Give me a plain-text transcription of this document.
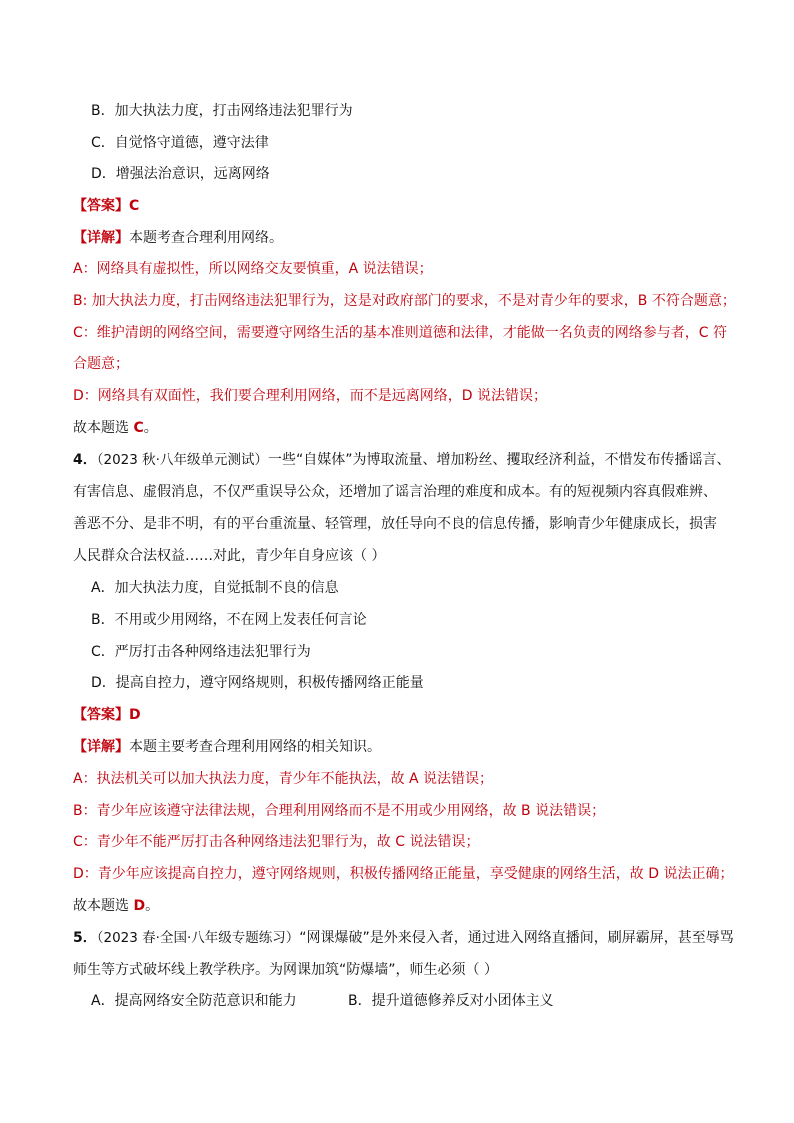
B．加大执法力度，打击网络违法犯罪行为
C．自觉恪守道德，遵守法律
D．增强法治意识，远离网络
【答案】C
【详解】本题考查合理利用网络。
A：网络具有虚拟性，所以网络交友要慎重，A 说法错误；
B: 加大执法力度，打击网络违法犯罪行为，这是对政府部门的要求，不是对青少年的要求，B 不符合题意；
C：维护清朗的网络空间，需要遵守网络生活的基本准则道德和法律，才能做一名负责的网络参与者，C 符
合题意；
D：网络具有双面性，我们要合理利用网络，而不是远离网络，D 说法错误；
故本题选 C。
4．（2023 秋·八年级单元测试）一些“自媒体”为博取流量、增加粉丝、攫取经济利益，不惜发布传播谣言、
有害信息、虚假消息，不仅严重误导公众，还增加了谣言治理的难度和成本。有的短视频内容真假难辨、
善恶不分、是非不明，有的平台重流量、轻管理，放任导向不良的信息传播，影响青少年健康成长，损害
人民群众合法权益……对此，青少年自身应该（ ）
A．加大执法力度，自觉抵制不良的信息
B．不用或少用网络，不在网上发表任何言论
C．严厉打击各种网络违法犯罪行为
D．提高自控力，遵守网络规则，积极传播网络正能量
【答案】D
【详解】本题主要考查合理利用网络的相关知识。
A：执法机关可以加大执法力度，青少年不能执法，故 A 说法错误；
B：青少年应该遵守法律法规，合理利用网络而不是不用或少用网络，故 B 说法错误；
C：青少年不能严厉打击各种网络违法犯罪行为，故 C 说法错误；
D：青少年应该提高自控力，遵守网络规则，积极传播网络正能量，享受健康的网络生活，故 D 说法正确；
故本题选 D。
5．（2023 春·全国·八年级专题练习）“网课爆破”是外来侵入者，通过进入网络直播间，刷屏霸屏，甚至辱骂
师生等方式破坏线上教学秩序。为网课加筑“防爆墙”，师生必须（ ）
A．提高网络安全防范意识和能力	B．提升道德修养反对小团体主义
